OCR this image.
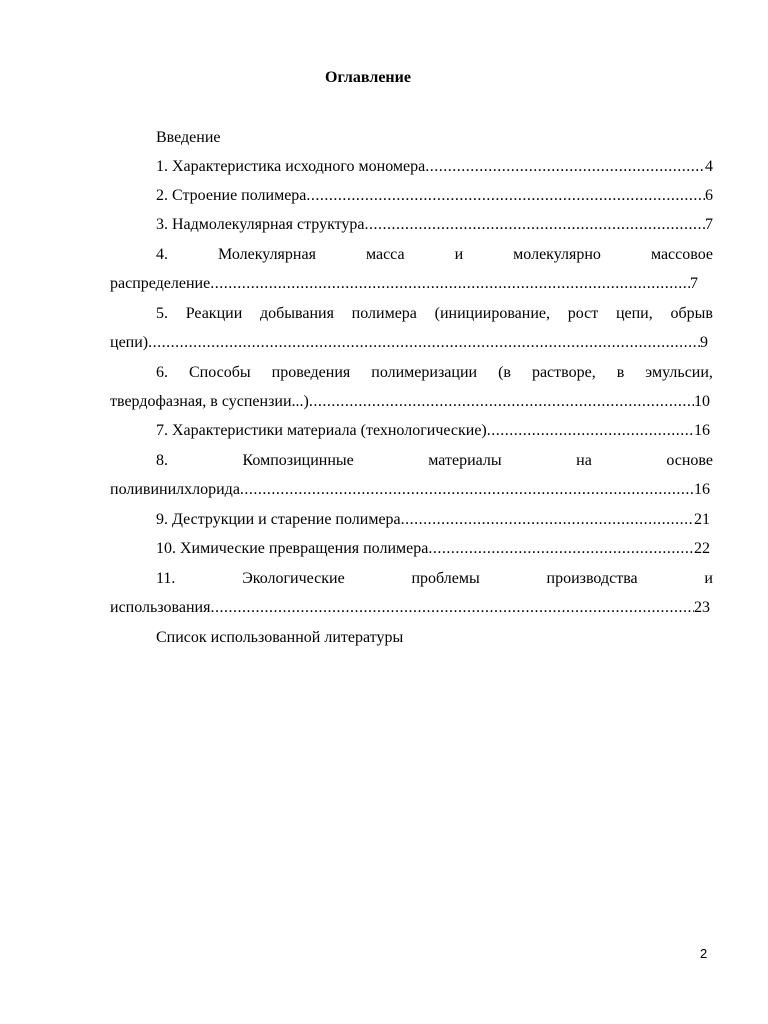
Оглавление
Введение
1. Характеристика исходного мономера .....	4
2. Строение полимера .....	6
3. Надмолекулярная структура .....	7
4.	Молекулярная	масса	и	молекулярно	массовое
распределение .....	7
5. Реакции добывания полимера (инициирование, рост цепи, обрыв
цепи) .....	9
6. Способы проведения полимеризации (в растворе, в эмульсии,
твердофазная, в суспензии...) .....	10
7. Характеристики материала (технологические) .....	16
8.	Композицинные	материалы	на	основе
поливинилхлорида .....	16
9. Деструкции и старение полимера .....	21
10. Химические превращения полимера .....	22
11.	Экологические	проблемы	производства	и
использования .....	23
Список использованной литературы
2
